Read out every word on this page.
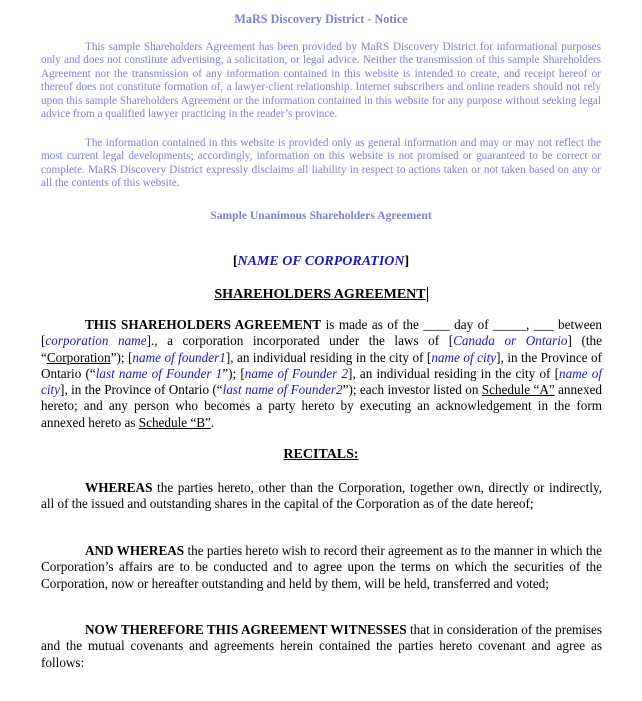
MaRS Discovery District - Notice

This sample Shareholders Agreement has been provided by MaRS Discovery District for informational purposes only and does not constitute advertising, a solicitation, or legal advice. Neither the transmission of this sample Shareholders Agreement nor the transmission of any information contained in this website is intended to create, and receipt hereof or thereof does not constitute formation of, a lawyer-client relationship. Internet subscribers and online readers should not rely upon this sample Shareholders Agreement or the information contained in this website for any purpose without seeking legal advice from a qualified lawyer practicing in the reader’s province.

The information contained in this website is provided only as general information and may or may not reflect the most current legal developments; accordingly, information on this website is not promised or guaranteed to be correct or complete. MaRS Discovery District expressly disclaims all liability in respect to actions taken or not taken based on any or all the contents of this website.

Sample Unanimous Shareholders Agreement
[NAME OF CORPORATION]
SHAREHOLDERS AGREEMENT

THIS SHAREHOLDERS AGREEMENT is made as of the ____ day of _____, ___ between [corporation name]., a corporation incorporated under the laws of [Canada or Ontario] (the “Corporation”); [name of founder1], an individual residing in the city of [name of city], in the Province of Ontario (“last name of Founder 1”); [name of Founder 2], an individual residing in the city of [name of city], in the Province of Ontario (“last name of Founder2”); each investor listed on Schedule “A” annexed hereto; and any person who becomes a party hereto by executing an acknowledgement in the form annexed hereto as Schedule “B”.

RECITALS:

WHEREAS the parties hereto, other than the Corporation, together own, directly or indirectly, all of the issued and outstanding shares in the capital of the Corporation as of the date hereof;

AND WHEREAS the parties hereto wish to record their agreement as to the manner in which the Corporation’s affairs are to be conducted and to agree upon the terms on which the securities of the Corporation, now or hereafter outstanding and held by them, will be held, transferred and voted;

NOW THEREFORE THIS AGREEMENT WITNESSES that in consideration of the premises and the mutual covenants and agreements herein contained the parties hereto covenant and agree as follows:
